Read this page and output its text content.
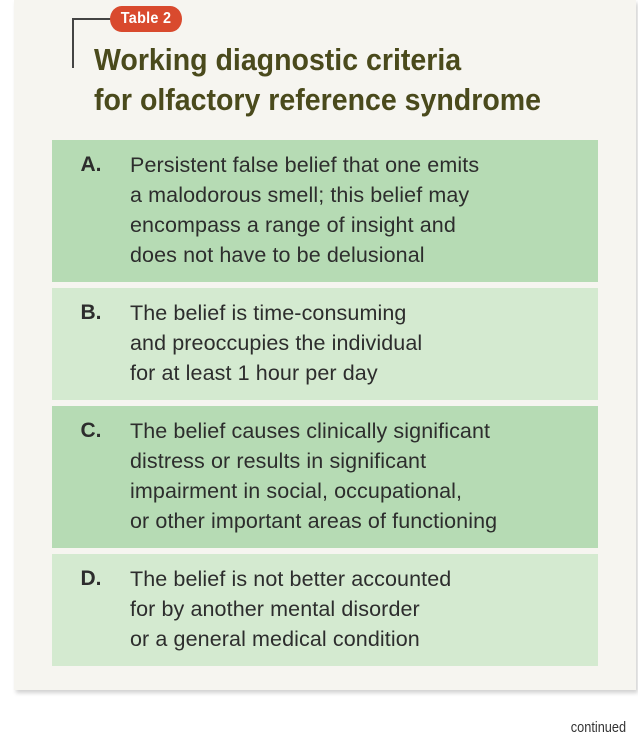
Table 2
Working diagnostic criteria
for olfactory reference syndrome
A.	Persistent false belief that one emits
a malodorous smell; this belief may
encompass a range of insight and
does not have to be delusional
B.	The belief is time-consuming
and preoccupies the individual
for at least 1 hour per day
C.	The belief causes clinically significant
distress or results in significant
impairment in social, occupational,
or other important areas of functioning
D.	The belief is not better accounted
for by another mental disorder
or a general medical condition
continued
